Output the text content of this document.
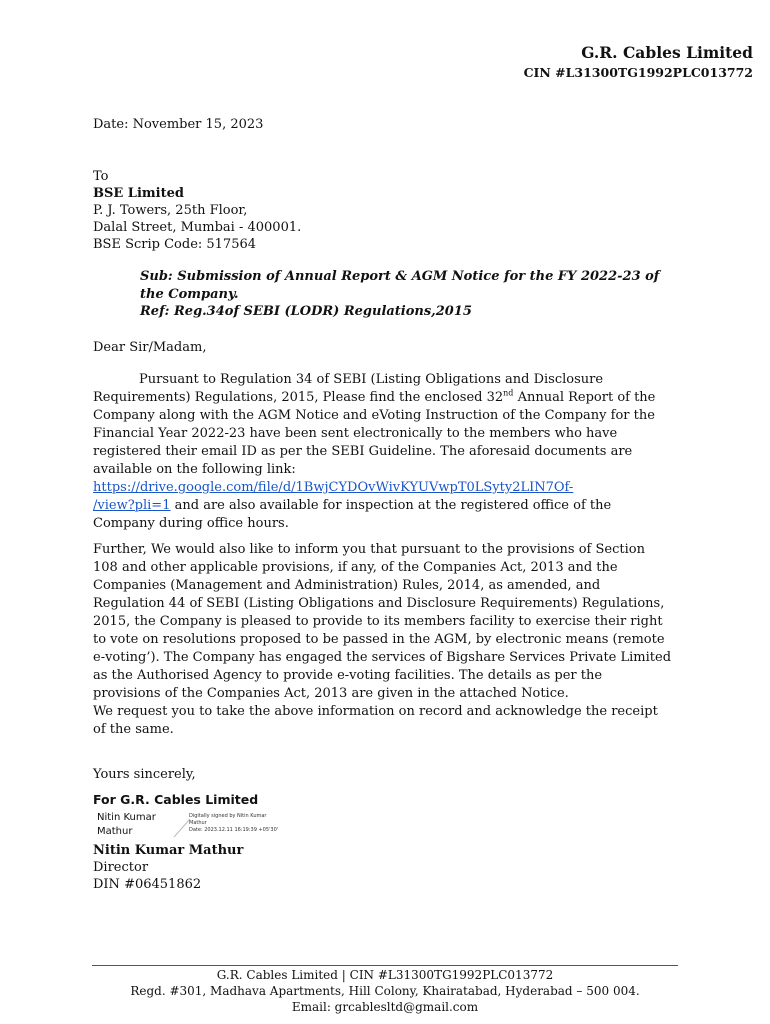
G.R. Cables Limited
CIN #L31300TG1992PLC013772
Date: November 15, 2023
To
BSE Limited
P. J. Towers, 25th Floor,
Dalal Street, Mumbai - 400001.
BSE Scrip Code: 517564
Sub: Submission of Annual Report & AGM Notice for the FY 2022-23 of
the Company.
Ref: Reg.34of SEBI (LODR) Regulations,2015
Dear Sir/Madam,

Pursuant to Regulation 34 of SEBI (Listing Obligations and Disclosure Requirements) Regulations, 2015, Please find the enclosed 32nd Annual Report of the Company along with the AGM Notice and eVoting Instruction of the Company for the Financial Year 2022-23 have been sent electronically to the members who have registered their email ID as per the SEBI Guideline. The aforesaid documents are available on the following link: https://drive.google.com/file/d/1BwjCYDOvWivKYUVwpT0LSyty2LIN7Of-
/view?pli=1 and are also available for inspection at the registered office of the Company during office hours.

Further, We would also like to inform you that pursuant to the provisions of Section 108 and other applicable provisions, if any, of the Companies Act, 2013 and the Companies (Management and Administration) Rules, 2014, as amended, and Regulation 44 of SEBI (Listing Obligations and Disclosure Requirements) Regulations, 2015, the Company is pleased to provide to its members facility to exercise their right to vote on resolutions proposed to be passed in the AGM, by electronic means (remote e-voting’). The Company has engaged the services of Bigshare Services Private Limited as the Authorised Agency to provide e-voting facilities. The details as per the provisions of the Companies Act, 2013 are given in the attached Notice.

We request you to take the above information on record and acknowledge the receipt of the same.

Yours sincerely,
For G.R. Cables Limited
Nitin Kumar
Mathur
Digitally signed by Nitin Kumar
Mathur
Date: 2023.12.11 16:19:39 +05'30'
Nitin Kumar Mathur
Director
DIN #06451862
G.R. Cables Limited | CIN #L31300TG1992PLC013772
Regd. #301, Madhava Apartments, Hill Colony, Khairatabad, Hyderabad – 500 004.
Email: grcablesltd@gmail.com
